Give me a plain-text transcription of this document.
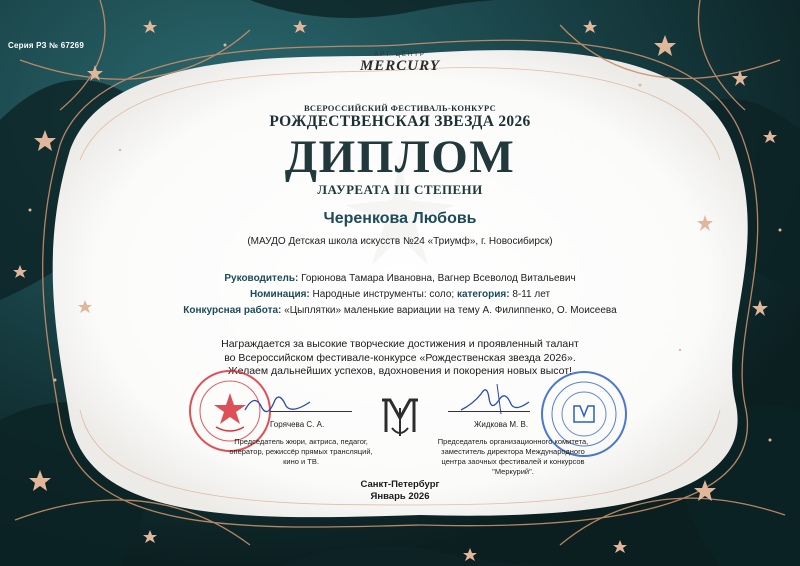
Серия РЗ № 67269
АРТ-ЦЕНТР
MERCURY
ВСЕРОССИЙСКИЙ ФЕСТИВАЛЬ-КОНКУРС
РОЖДЕСТВЕНСКАЯ ЗВЕЗДА 2026
ДИПЛОМ
ЛАУРЕАТА III СТЕПЕНИ
Черенкова Любовь
(МАУДО Детская школа искусств №24 «Триумф», г. Новосибирск)
Руководитель: Горюнова Тамара Ивановна, Вагнер Всеволод Витальевич
Номинация: Народные инструменты: соло; категория: 8-11 лет
Конкурсная работа: «Цыплятки» маленькие вариации на тему А. Филиппенко, О. Моисеева
Награждается за высокие творческие достижения и проявленный талант
во Всероссийском фестивале-конкурсе «Рождественская звезда 2026».
Желаем дальнейших успехов, вдохновения и покорения новых высот!
Горячева С. А.
Председатель жюри, актриса, педагог,
оператор, режиссёр прямых трансляций,
кино и ТВ.
Жидкова М. В.
Председатель организационного комитета,
заместитель директора Международного
центра заочных фестивалей и конкурсов
"Меркурий".
Санкт-Петербург
Январь 2026
